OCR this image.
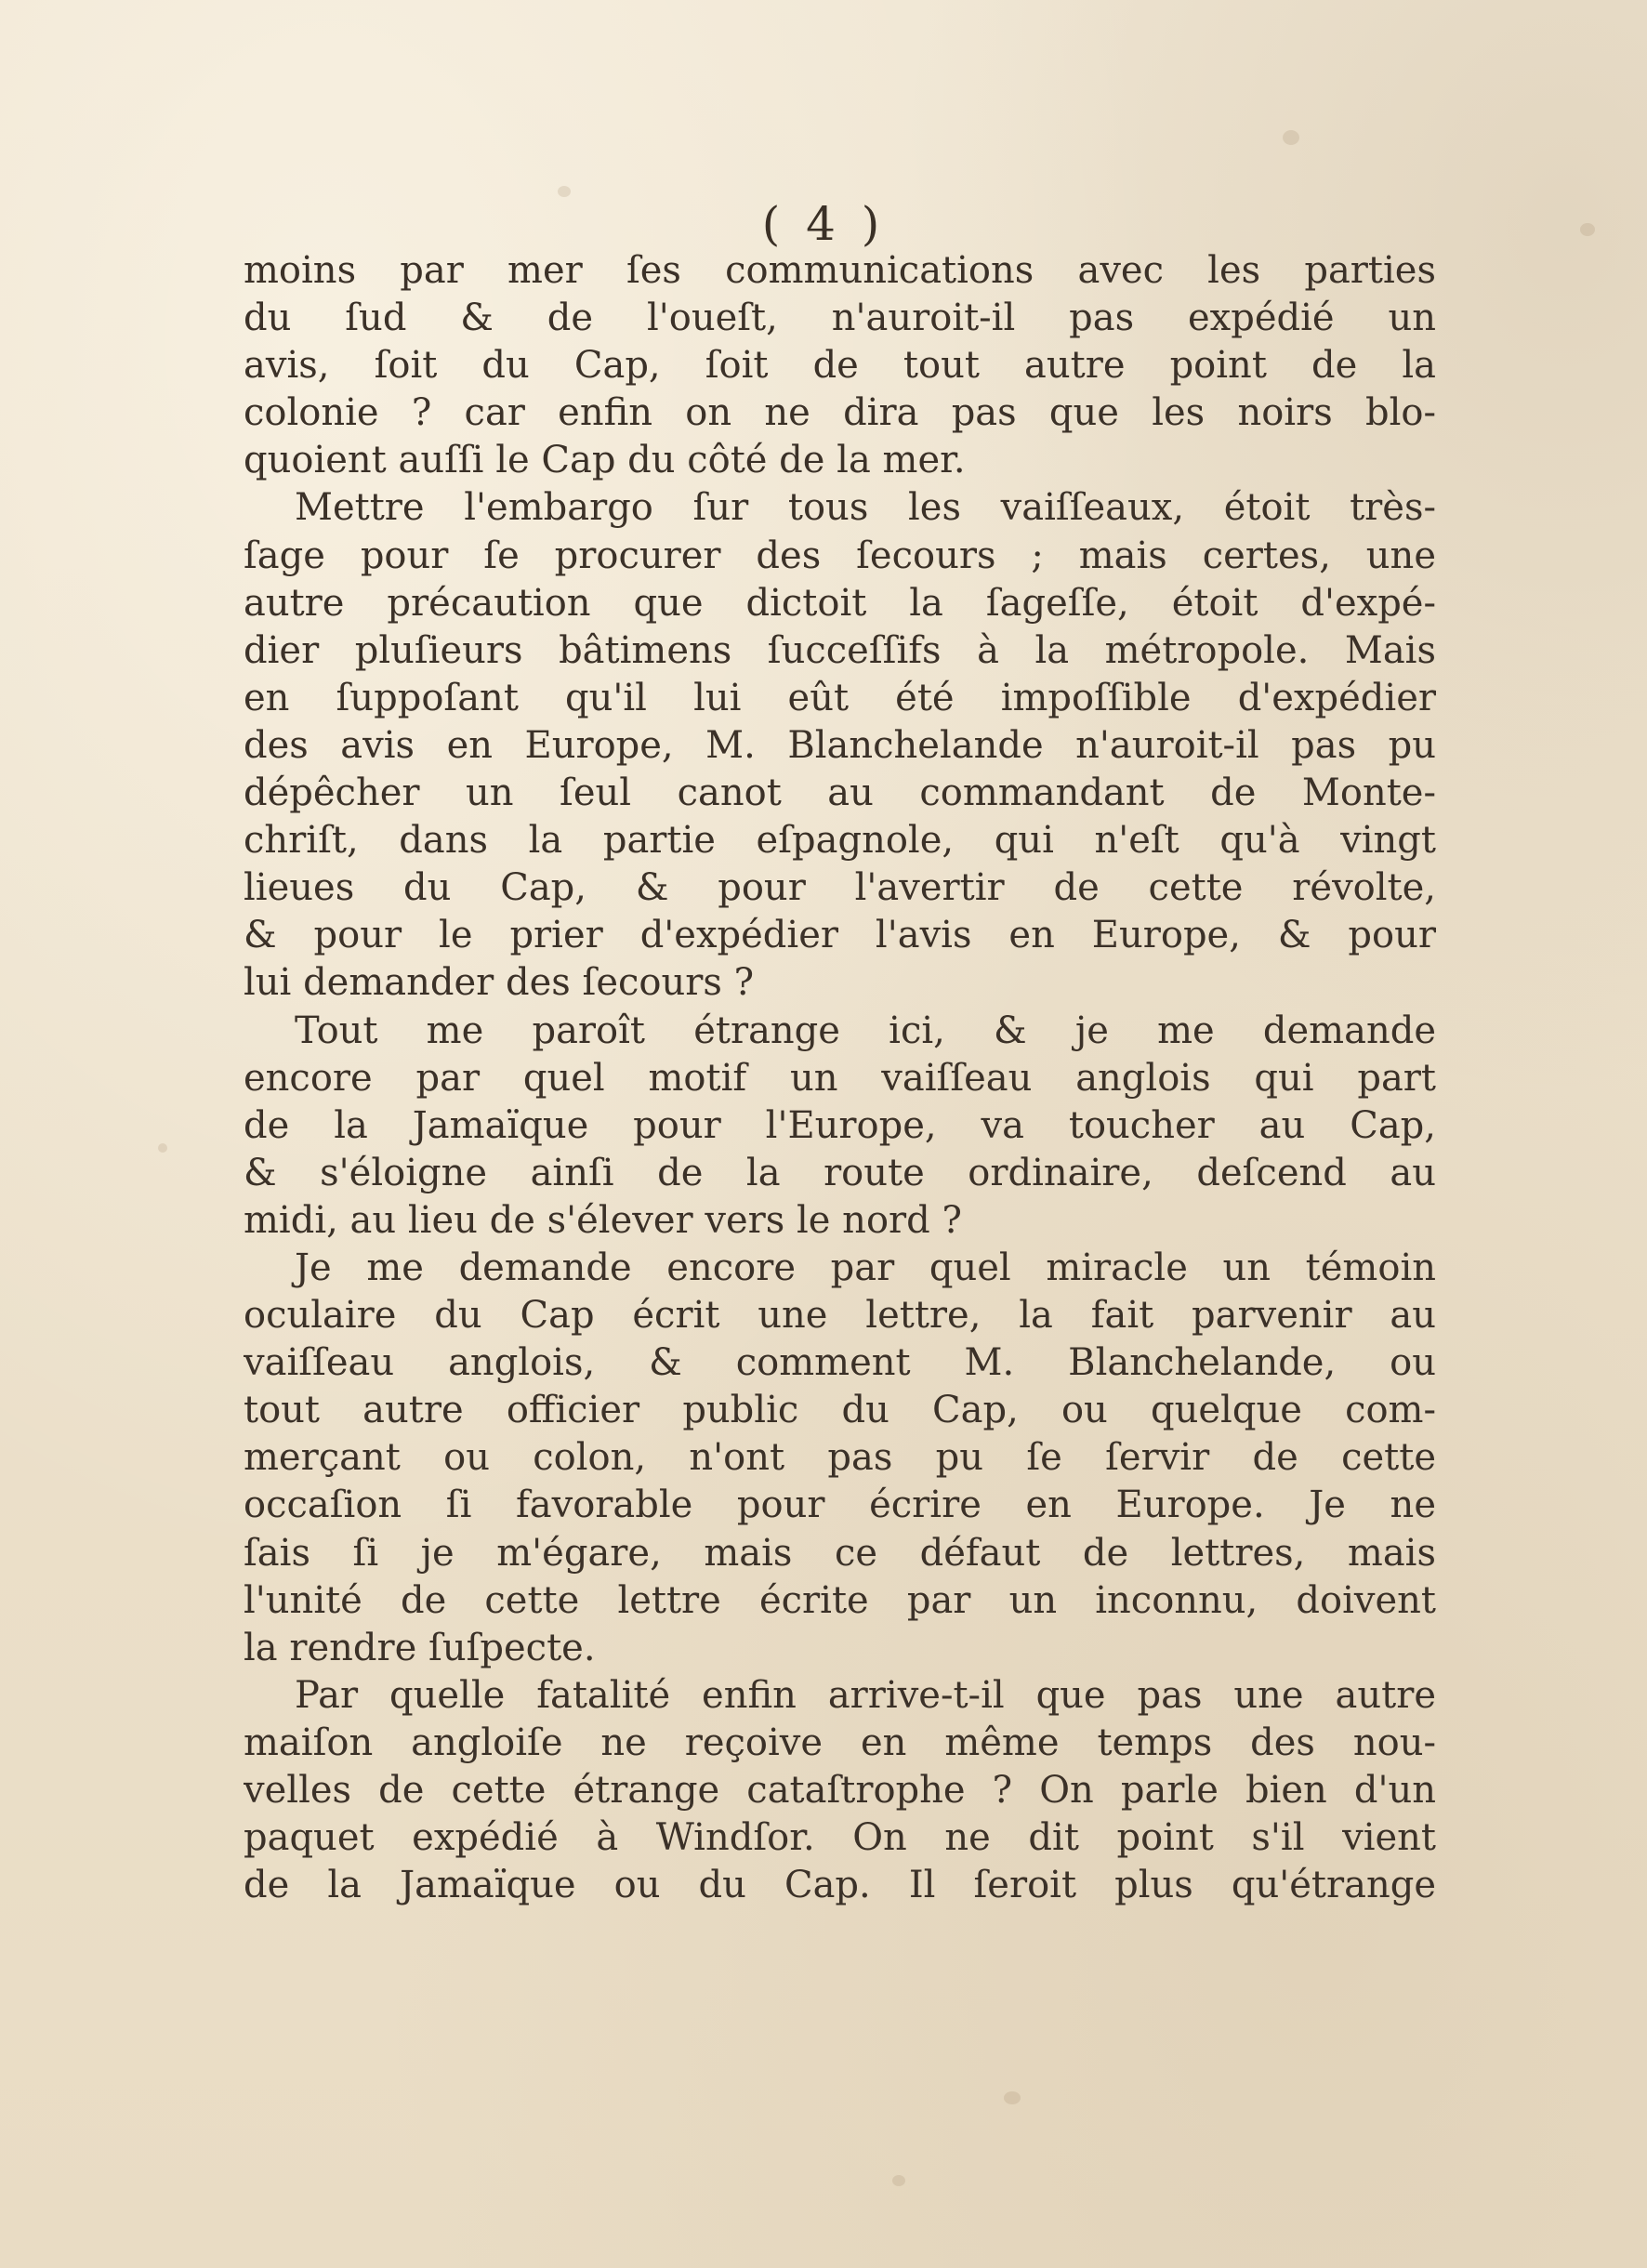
( 4 )
moins par mer ſes communications avec les parties
du ſud & de l'oueſt, n'auroit-il pas expédié un
avis, ſoit du Cap, ſoit de tout autre point de la
colonie ? car enfin on ne dira pas que les noirs blo-
quoient auſſi le Cap du côté de la mer.
Mettre l'embargo ſur tous les vaiſſeaux, étoit très-
ſage pour ſe procurer des ſecours ; mais certes, une
autre précaution que dictoit la ſageſſe, étoit d'expé-
dier pluſieurs bâtimens ſucceſſifs à la métropole. Mais
en ſuppoſant qu'il lui eût été impoſſible d'expédier
des avis en Europe, M. Blanchelande n'auroit-il pas pu
dépêcher un ſeul canot au commandant de Monte-
chriſt, dans la partie eſpagnole, qui n'eſt qu'à vingt
lieues du Cap, & pour l'avertir de cette révolte,
& pour le prier d'expédier l'avis en Europe, & pour
lui demander des ſecours ?
Tout me paroît étrange ici, & je me demande
encore par quel motif un vaiſſeau anglois qui part
de la Jamaïque pour l'Europe, va toucher au Cap,
& s'éloigne ainſi de la route ordinaire, deſcend au
midi, au lieu de s'élever vers le nord ?
Je me demande encore par quel miracle un témoin
oculaire du Cap écrit une lettre, la fait parvenir au
vaiſſeau anglois, & comment M. Blanchelande, ou
tout autre officier public du Cap, ou quelque com-
merçant ou colon, n'ont pas pu ſe ſervir de cette
occaſion ſi favorable pour écrire en Europe. Je ne
ſais ſi je m'égare, mais ce défaut de lettres, mais
l'unité de cette lettre écrite par un inconnu, doivent
la rendre ſuſpecte.
Par quelle fatalité enfin arrive-t-il que pas une autre
maiſon angloiſe ne reçoive en même temps des nou-
velles de cette étrange cataſtrophe ? On parle bien d'un
paquet expédié à Windſor. On ne dit point s'il vient
de la Jamaïque ou du Cap. Il ſeroit plus qu'étrange
